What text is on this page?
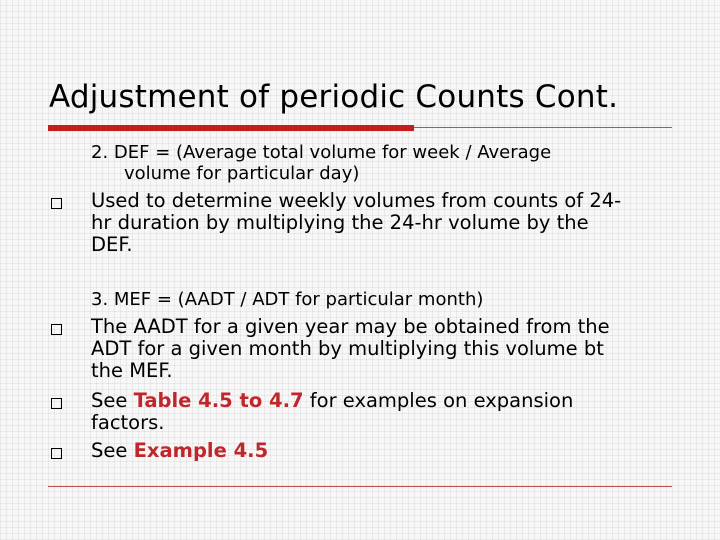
Adjustment of periodic Counts Cont.
2. DEF = (Average total volume for week / Average
volume for particular day)
Used to determine weekly volumes from counts of 24-
hr duration by multiplying the 24-hr volume by the
DEF.
3. MEF = (AADT / ADT for particular month)
The AADT for a given year may be obtained from the
ADT for a given month by multiplying this volume bt
the MEF.
See Table 4.5 to 4.7 for examples on expansion
factors.
See Example 4.5
